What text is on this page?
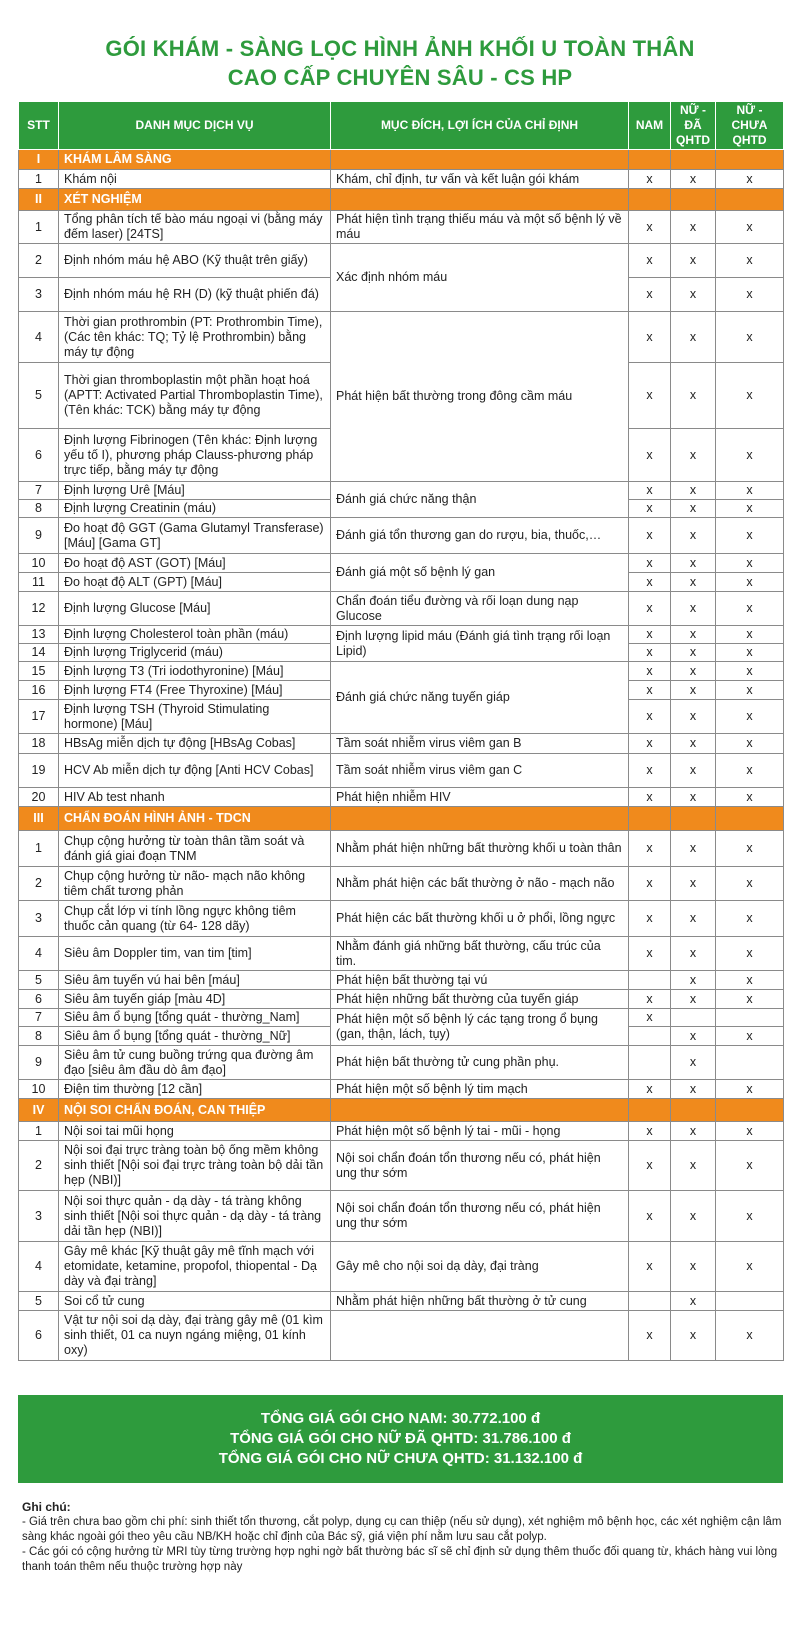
GÓI KHÁM - SÀNG LỌC HÌNH ẢNH KHỐI U TOÀN THÂN
CAO CẤP CHUYÊN SÂU - CS HP
STT	DANH MỤC DỊCH VỤ	MỤC ĐÍCH, LỢI ÍCH CỦA CHỈ ĐỊNH	NAM	NỮ - ĐÃ QHTD	NỮ - CHƯA QHTD
I	KHÁM LÂM SÀNG				
1	Khám nội	Khám, chỉ định, tư vấn và kết luận gói khám	x	x	x
II	XÉT NGHIỆM				
1	Tổng phân tích tế bào máu ngoại vi (bằng máy đếm laser) [24TS]	Phát hiện tình trạng thiếu máu và một số bệnh lý về máu	x	x	x
2	Định nhóm máu hệ ABO (Kỹ thuật trên giấy)	Xác định nhóm máu	x	x	x
3	Định nhóm máu hệ RH (D) (kỹ thuật phiến đá)		x	x	x
4	Thời gian prothrombin (PT: Prothrombin Time), (Các tên khác: TQ; Tỷ lệ Prothrombin) bằng máy tự động	Phát hiện bất thường trong đông cầm máu	x	x	x
5	Thời gian thromboplastin một phần hoạt hoá (APTT: Activated Partial Thromboplastin Time), (Tên khác: TCK) bằng máy tự động		x	x	x
6	Định lượng Fibrinogen (Tên khác: Định lượng yếu tố I), phương pháp Clauss-phương pháp trực tiếp, bằng máy tự động		x	x	x
7	Định lượng Urê [Máu]	Đánh giá chức năng thận	x	x	x
8	Định lượng Creatinin (máu)		x	x	x
9	Đo hoạt độ GGT (Gama Glutamyl Transferase) [Máu] [Gama GT]	Đánh giá tổn thương gan do rượu, bia, thuốc,…	x	x	x
10	Đo hoạt độ AST (GOT) [Máu]	Đánh giá một số bệnh lý gan	x	x	x
11	Đo hoạt độ ALT (GPT) [Máu]		x	x	x
12	Định lượng Glucose [Máu]	Chẩn đoán tiểu đường và rối loạn dung nạp Glucose	x	x	x
13	Định lượng Cholesterol toàn phần (máu)	Định lượng lipid máu (Đánh giá tình trạng rối loạn Lipid)	x	x	x
14	Định lượng Triglycerid (máu)		x	x	x
15	Định lượng T3 (Tri iodothyronine) [Máu]	Đánh giá chức năng tuyến giáp	x	x	x
16	Định lượng FT4 (Free Thyroxine) [Máu]		x	x	x
17	Định lượng TSH (Thyroid Stimulating hormone) [Máu]		x	x	x
18	HBsAg miễn dịch tự động [HBsAg Cobas]	Tầm soát nhiễm virus viêm gan B	x	x	x
19	HCV Ab miễn dịch tự động [Anti HCV Cobas]	Tầm soát nhiễm virus viêm gan C	x	x	x
20	HIV Ab test nhanh	Phát hiện nhiễm HIV	x	x	x
III	CHẨN ĐOÁN HÌNH ẢNH - TDCN				
1	Chụp cộng hưởng từ toàn thân tầm soát và đánh giá giai đoạn TNM	Nhằm phát hiện những bất thường khối u toàn thân	x	x	x
2	Chụp cộng hưởng từ não- mạch não không tiêm chất tương phản	Nhằm phát hiện các bất thường ở não - mạch não	x	x	x
3	Chụp cắt lớp vi tính lồng ngực không tiêm thuốc cản quang (từ 64- 128 dãy)	Phát hiện các bất thường khối u ở phổi, lồng ngực	x	x	x
4	Siêu âm Doppler tim, van tim [tim]	Nhằm đánh giá những bất thường, cấu trúc của tim.	x	x	x
5	Siêu âm tuyến vú hai bên [máu]	Phát hiện bất thường tại vú		x	x
6	Siêu âm tuyến giáp [màu 4D]	Phát hiện những bất thường của tuyến giáp	x	x	x
7	Siêu âm ổ bụng [tổng quát - thường_Nam]	Phát hiện một số bệnh lý các tạng trong ổ bụng (gan, thận, lách, tụy)	x		
8	Siêu âm ổ bụng [tổng quát - thường_Nữ]			x	x
9	Siêu âm tử cung buồng trứng qua đường âm đạo [siêu âm đầu dò âm đạo]	Phát hiện bất thường tử cung phần phụ.		x	
10	Điện tim thường [12 cần]	Phát hiện một số bệnh lý tim mạch	x	x	x
IV	NỘI SOI CHẨN ĐOÁN, CAN THIỆP				
1	Nội soi tai mũi họng	Phát hiện một số bệnh lý tai - mũi - họng	x	x	x
2	Nội soi đại trực tràng toàn bộ ống mềm không sinh thiết [Nội soi đại trực tràng toàn bộ dải tần hẹp (NBI)]	Nội soi chẩn đoán tổn thương nếu có, phát hiện ung thư sớm	x	x	x
3	Nội soi thực quản - dạ dày - tá tràng không sinh thiết [Nội soi thực quản - dạ dày - tá tràng dải tần hẹp (NBI)]	Nội soi chẩn đoán tổn thương nếu có, phát hiện ung thư sớm	x	x	x
4	Gây mê khác [Kỹ thuật gây mê tĩnh mạch với etomidate, ketamine, propofol, thiopental - Dạ dày và đại tràng]	Gây mê cho nội soi dạ dày, đại tràng	x	x	x
5	Soi cổ tử cung	Nhằm phát hiện những bất thường ở tử cung		x	
6	Vật tư nội soi dạ dày, đại tràng gây mê (01 kìm sinh thiết, 01 ca nuyn ngáng miệng, 01 kính oxy)		x	x	x
TỔNG GIÁ GÓI CHO NAM: 30.772.100 đ
TỔNG GIÁ GÓI CHO NỮ ĐÃ QHTD: 31.786.100 đ
TỔNG GIÁ GÓI CHO NỮ CHƯA QHTD: 31.132.100 đ
Ghi chú:
- Giá trên chưa bao gồm chi phí: sinh thiết tổn thương, cắt polyp, dụng cụ can thiệp (nếu sử dụng), xét nghiệm mô bệnh học, các xét nghiệm cận lâm sàng khác ngoài gói theo yêu cầu NB/KH hoặc chỉ định của Bác sỹ, giá viện phí nằm lưu sau cắt polyp.
- Các gói có cộng hưởng từ MRI tùy từng trường hợp nghi ngờ bất thường bác sĩ sẽ chỉ định sử dụng thêm thuốc đối quang từ, khách hàng vui lòng thanh toán thêm nếu thuộc trường hợp này
